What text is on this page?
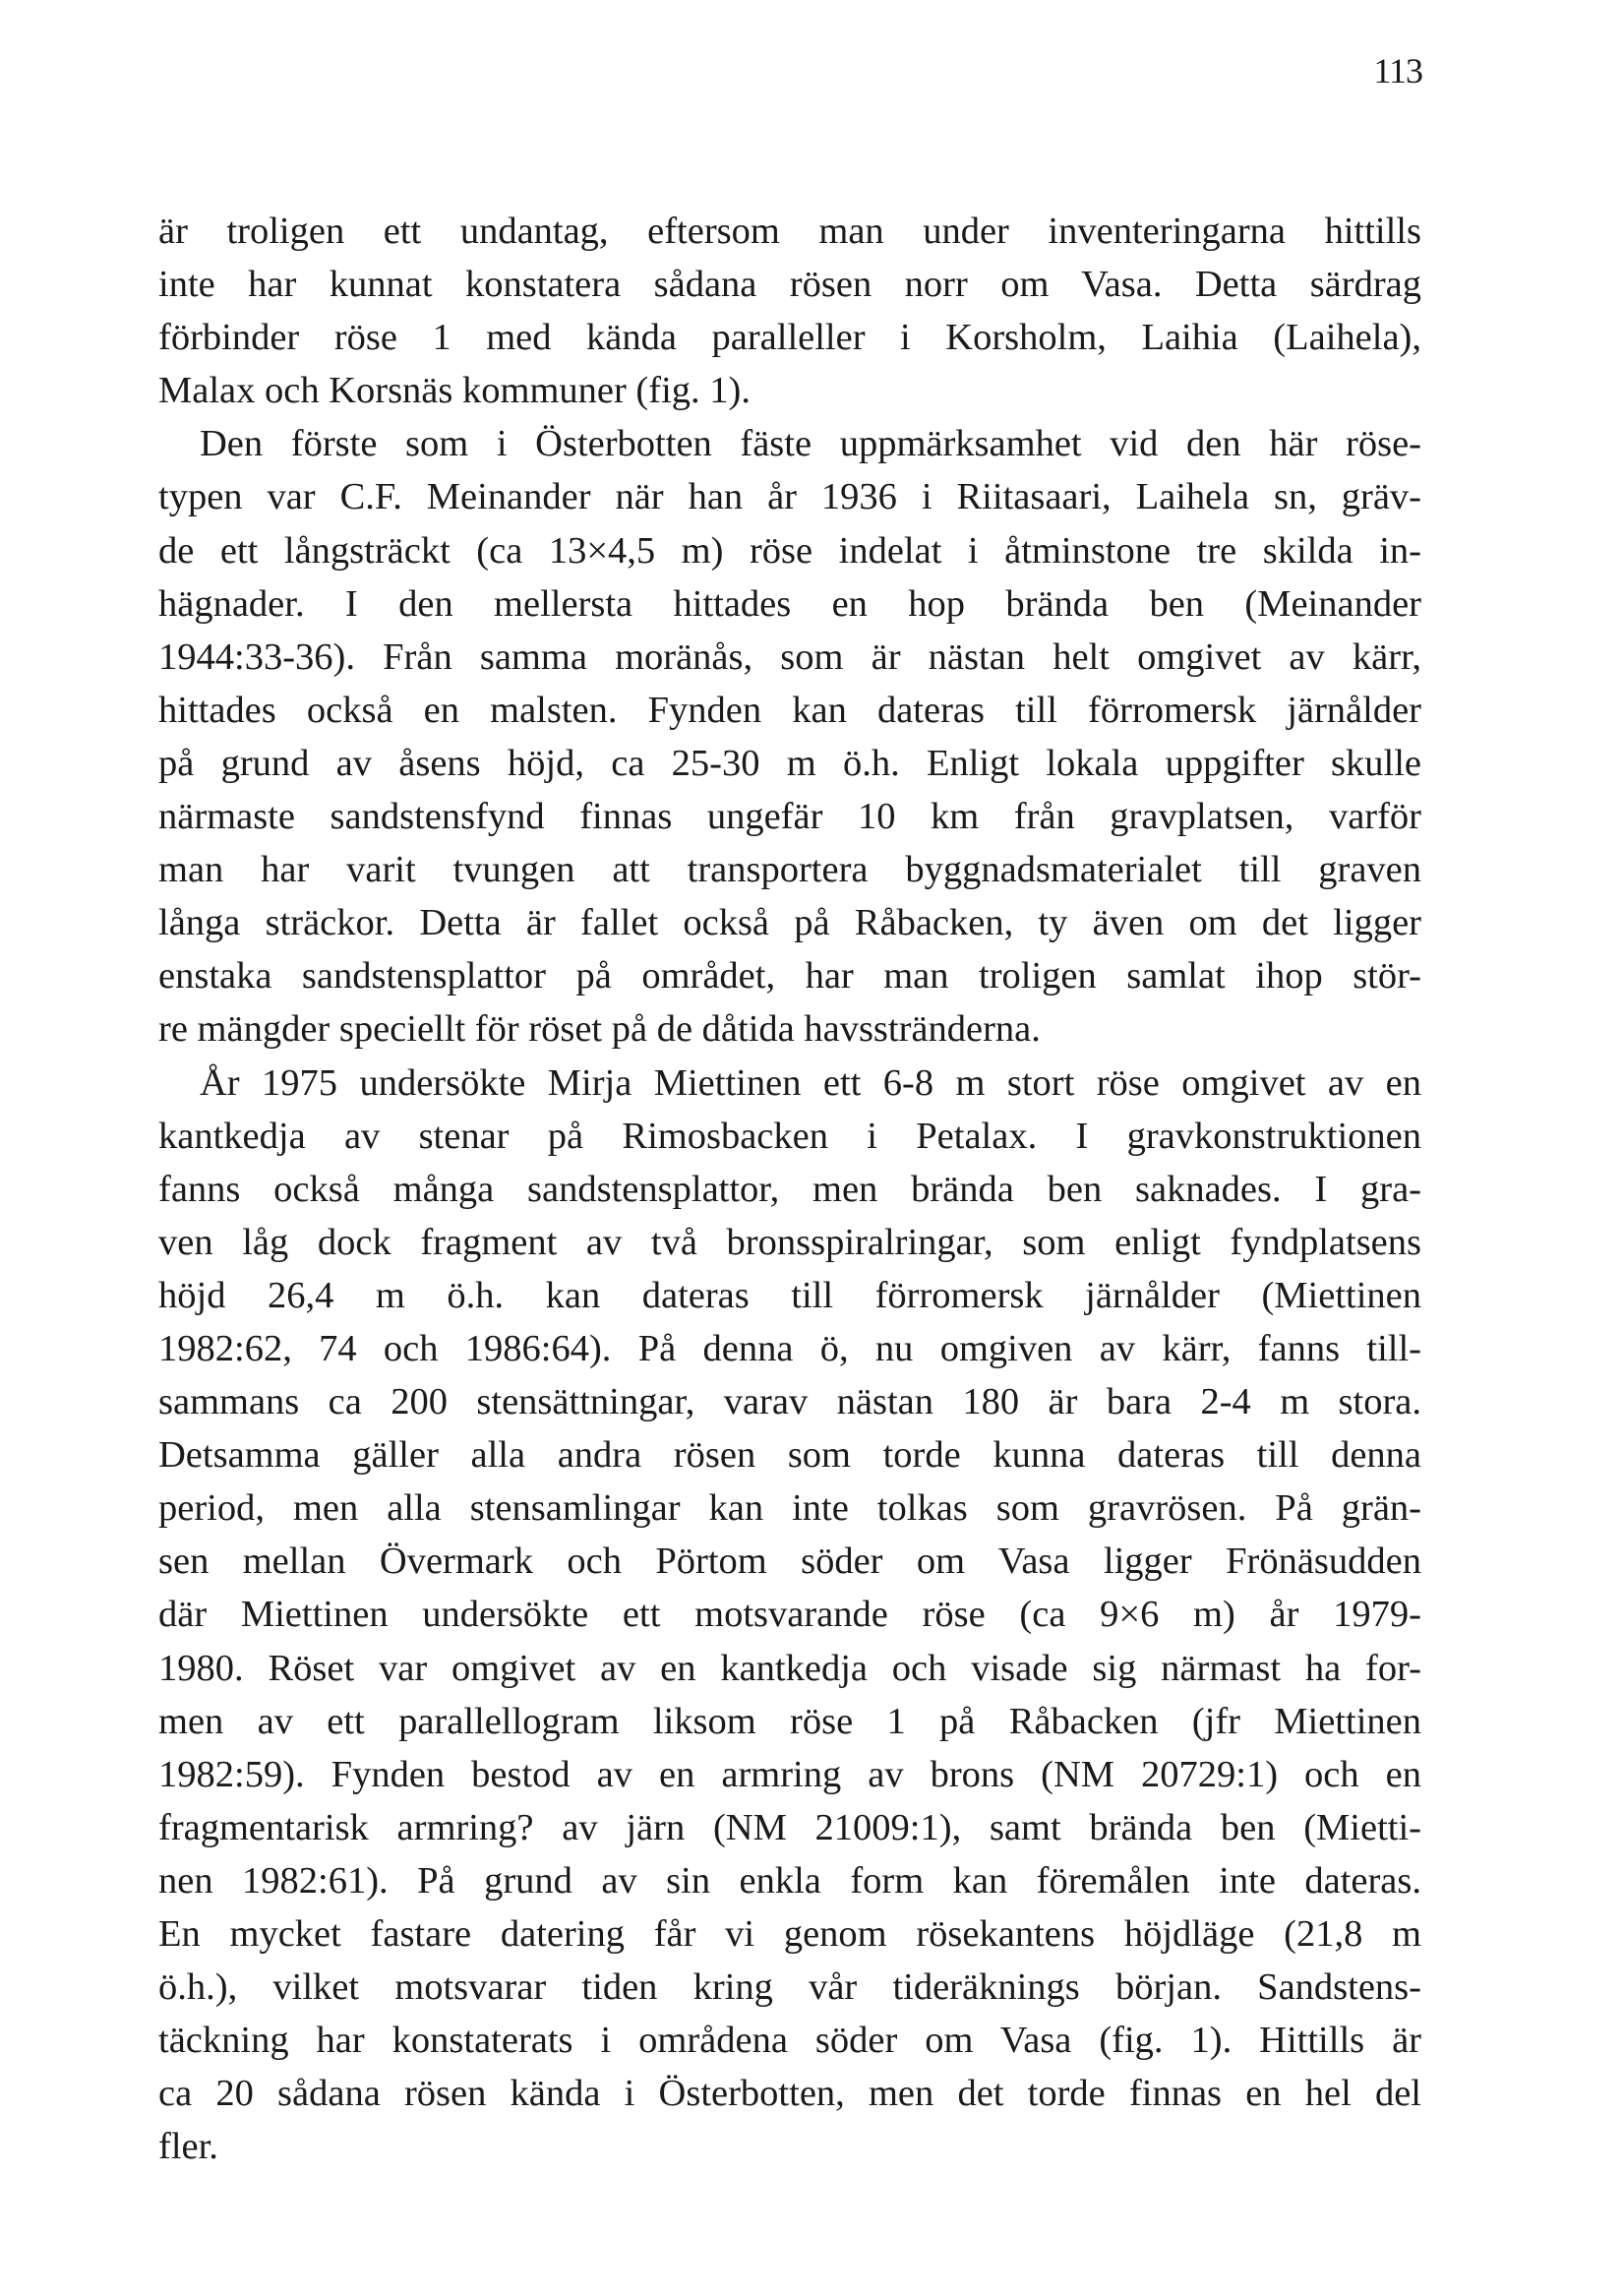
113
är troligen ett undantag, eftersom man under inventeringarna hittills
inte har kunnat konstatera sådana rösen norr om Vasa. Detta särdrag
förbinder röse 1 med kända paralleller i Korsholm, Laihia (Laihela),
Malax och Korsnäs kommuner (fig. 1).
Den förste som i Österbotten fäste uppmärksamhet vid den här röse-
typen var C.F. Meinander när han år 1936 i Riitasaari, Laihela sn, gräv-
de ett långsträckt (ca 13×4,5 m) röse indelat i åtminstone tre skilda in-
hägnader. I den mellersta hittades en hop brända ben (Meinander
1944:33-36). Från samma moränås, som är nästan helt omgivet av kärr,
hittades också en malsten. Fynden kan dateras till förromersk järnålder
på grund av åsens höjd, ca 25-30 m ö.h. Enligt lokala uppgifter skulle
närmaste sandstensfynd finnas ungefär 10 km från gravplatsen, varför
man har varit tvungen att transportera byggnadsmaterialet till graven
långa sträckor. Detta är fallet också på Råbacken, ty även om det ligger
enstaka sandstensplattor på området, har man troligen samlat ihop stör-
re mängder speciellt för röset på de dåtida havsstränderna.
År 1975 undersökte Mirja Miettinen ett 6-8 m stort röse omgivet av en
kantkedja av stenar på Rimosbacken i Petalax. I gravkonstruktionen
fanns också många sandstensplattor, men brända ben saknades. I gra-
ven låg dock fragment av två bronsspiralringar, som enligt fyndplatsens
höjd 26,4 m ö.h. kan dateras till förromersk järnålder (Miettinen
1982:62, 74 och 1986:64). På denna ö, nu omgiven av kärr, fanns till-
sammans ca 200 stensättningar, varav nästan 180 är bara 2-4 m stora.
Detsamma gäller alla andra rösen som torde kunna dateras till denna
period, men alla stensamlingar kan inte tolkas som gravrösen. På grän-
sen mellan Övermark och Pörtom söder om Vasa ligger Frönäsudden
där Miettinen undersökte ett motsvarande röse (ca 9×6 m) år 1979-
1980. Röset var omgivet av en kantkedja och visade sig närmast ha for-
men av ett parallellogram liksom röse 1 på Råbacken (jfr Miettinen
1982:59). Fynden bestod av en armring av brons (NM 20729:1) och en
fragmentarisk armring? av järn (NM 21009:1), samt brända ben (Mietti-
nen 1982:61). På grund av sin enkla form kan föremålen inte dateras.
En mycket fastare datering får vi genom rösekantens höjdläge (21,8 m
ö.h.), vilket motsvarar tiden kring vår tideräknings början. Sandstens-
täckning har konstaterats i områdena söder om Vasa (fig. 1). Hittills är
ca 20 sådana rösen kända i Österbotten, men det torde finnas en hel del
fler.
